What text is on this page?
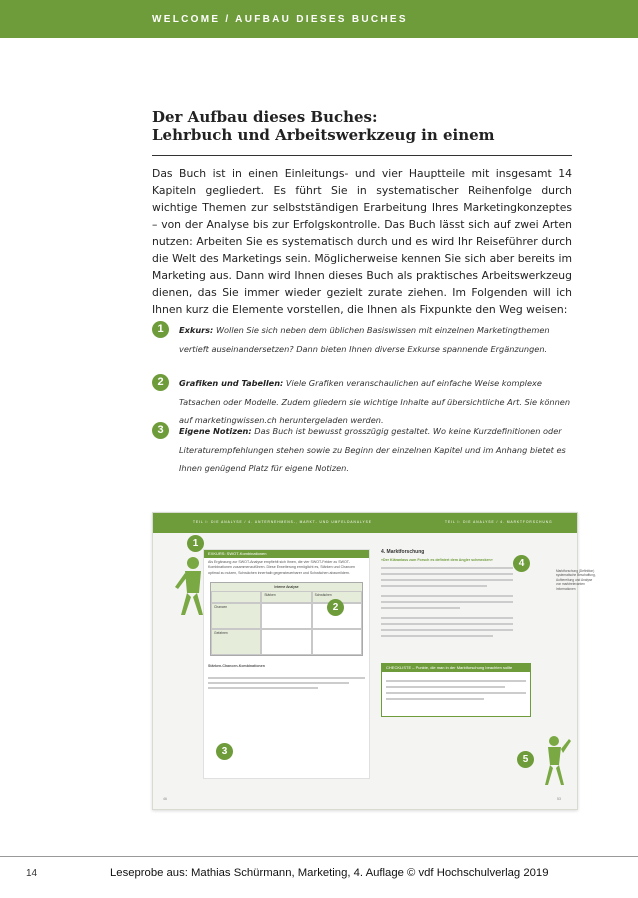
WELCOME / AUFBAU DIESES BUCHES
Der Aufbau dieses Buches:
Lehrbuch und Arbeitswerkzeug in einem
Das Buch ist in einen Einleitungs- und vier Hauptteile mit insgesamt 14 Kapiteln gegliedert. Es führt Sie in systematischer Reihenfolge durch wichtige Themen zur selbstständigen Erarbeitung Ihres Marketingkonzeptes – von der Analyse bis zur Erfolgskontrolle. Das Buch lässt sich auf zwei Arten nutzen: Arbeiten Sie es systematisch durch und es wird Ihr Reiseführer durch die Welt des Marketings sein. Möglicherweise kennen Sie sich aber bereits im Marketing aus. Dann wird Ihnen dieses Buch als praktisches Arbeitswerkzeug dienen, das Sie immer wieder gezielt zurate ziehen. Im Folgenden will ich Ihnen kurz die Elemente vorstellen, die Ihnen als Fixpunkte den Weg weisen:
1	Exkurs: Wollen Sie sich neben dem üblichen Basiswissen mit einzelnen Marketingthemen vertieft auseinandersetzen? Dann bieten Ihnen diverse Exkurse spannende Ergänzungen.
2	Grafiken und Tabellen: Viele Grafiken veranschaulichen auf einfache Weise komplexe Tatsachen oder Modelle. Zudem gliedern sie wichtige Inhalte auf übersichtliche Art. Sie können auf marketingwissen.ch heruntergeladen werden.
3	Eigene Notizen: Das Buch ist bewusst grosszügig gestaltet. Wo keine Kurzdefinitionen oder Literaturempfehlungen stehen sowie zu Beginn der einzelnen Kapitel und im Anhang bietet es Ihnen genügend Platz für eigene Notizen.
TEIL I: DIE ANALYSE / 4. UNTERNEHMENS-, MARKT- UND UMFELDANALYSE	TEIL I: DIE ANALYSE / 4. MARKTFORSCHUNG
EXKURS: SWOT-Kombinationen
Als Ergänzung zur SWOT-Analyse empfiehlt sich Ihnen, die vier SWOT-Felder zu SWOT-Kombinationen zusammenzuführen. Diese Erweiterung ermöglicht es, Stärken und Chancen optimal zu nutzen, Schwächen innerhalb gegensteuerbarer und Schwächen abzumildern.
Interne Analyse
Stärken	Schwächen
Chancen
Gefahren
Stärken-Chancen-Kombinationen
4. Marktforschung
«Der Kläranlass zum Forsch es definiert dem Angler schmecken»
CHECKLISTE – Punkte, die man in der Marktforschung beachten sollte
Marktforschung (Definition) systematische Beschaffung, Aufbereitung und Analyse von marktrelevanten Informationen
1
2
3
4
5
46	53
14	Leseprobe aus: Mathias Schürmann, Marketing, 4. Auflage © vdf Hochschulverlag 2019
